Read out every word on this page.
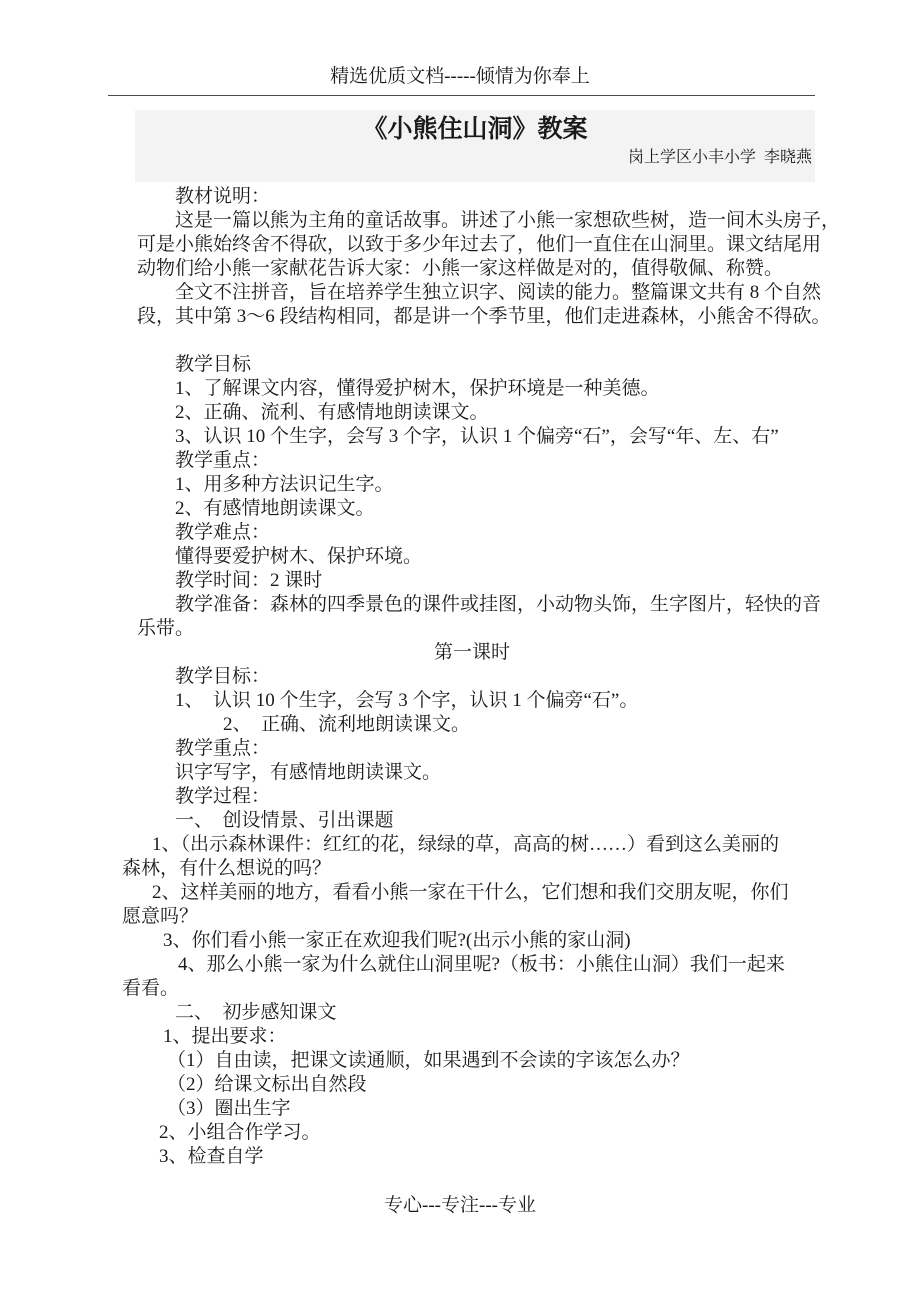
精选优质文档-----倾情为你奉上
《小熊住山洞》教案
岗上学区小丰小学  李晓燕
教材说明：
这是一篇以熊为主角的童话故事。讲述了小熊一家想砍些树，造一间木头房子，
可是小熊始终舍不得砍，以致于多少年过去了，他们一直住在山洞里。课文结尾用
动物们给小熊一家献花告诉大家：小熊一家这样做是对的，值得敬佩、称赞。
全文不注拼音，旨在培养学生独立识字、阅读的能力。整篇课文共有 8 个自然
段，其中第 3～6 段结构相同，都是讲一个季节里，他们走进森林，小熊舍不得砍。
教学目标
1、了解课文内容，懂得爱护树木，保护环境是一种美德。
2、正确、流利、有感情地朗读课文。
3、认识 10 个生字，会写 3 个字，认识 1 个偏旁“石”，会写“年、左、右”
教学重点：
1、用多种方法识记生字。
2、有感情地朗读课文。
教学难点：
懂得要爱护树木、保护环境。
教学时间：2 课时
教学准备：森林的四季景色的课件或挂图，小动物头饰，生字图片，轻快的音
乐带。
第一课时
教学目标：
1、  认识 10 个生字，会写 3 个字，认识 1 个偏旁“石”。
2、  正确、流利地朗读课文。
教学重点：
识字写字，有感情地朗读课文。
教学过程：
一、  创设情景、引出课题
1、（出示森林课件：红红的花，绿绿的草，高高的树……）看到这么美丽的
森林，有什么想说的吗？
2、这样美丽的地方，看看小熊一家在干什么，它们想和我们交朋友呢，你们
愿意吗？
3、你们看小熊一家正在欢迎我们呢?(出示小熊的家山洞)
4、那么小熊一家为什么就住山洞里呢?（板书：小熊住山洞）我们一起来
看看。
二、  初步感知课文
1、提出要求：
（1）自由读，把课文读通顺，如果遇到不会读的字该怎么办？
（2）给课文标出自然段
（3）圈出生字
2、小组合作学习。
3、检查自学
专心---专注---专业
